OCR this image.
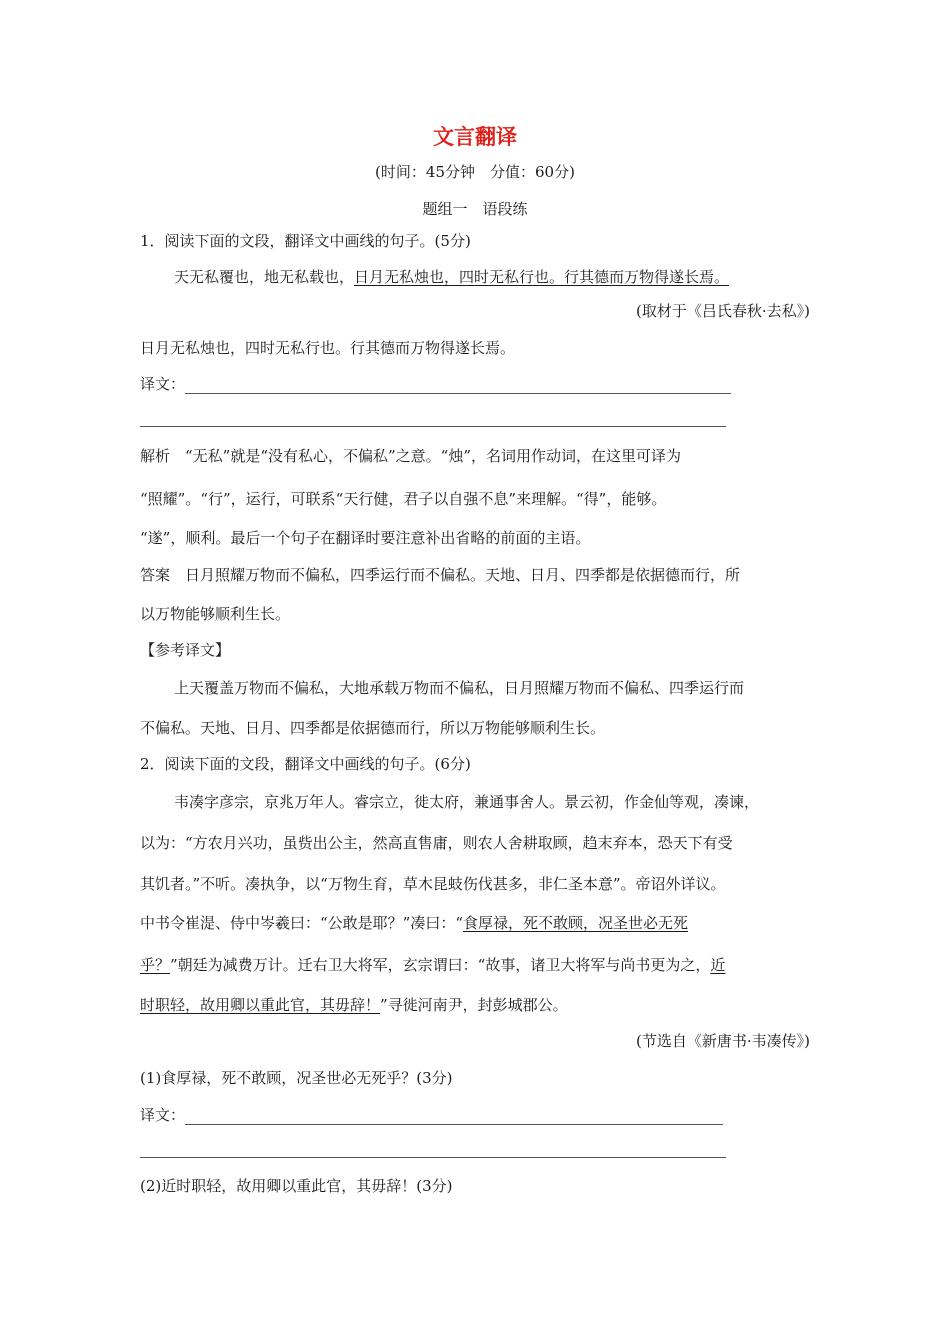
文言翻译
(时间：45分钟　分值：60分)
题组一　语段练
1．阅读下面的文段，翻译文中画线的句子。(5分)
天无私覆也，地无私载也，日月无私烛也，四时无私行也。行其德而万物得遂长焉。
(取材于《吕氏春秋·去私》)
日月无私烛也，四时无私行也。行其德而万物得遂长焉。
译文：
解析　“无私”就是“没有私心，不偏私”之意。“烛”，名词用作动词，在这里可译为
“照耀”。“行”，运行，可联系“天行健，君子以自强不息”来理解。“得”，能够。
“遂”，顺利。最后一个句子在翻译时要注意补出省略的前面的主语。
答案　日月照耀万物而不偏私，四季运行而不偏私。天地、日月、四季都是依据德而行，所
以万物能够顺利生长。
【参考译文】
上天覆盖万物而不偏私，大地承载万物而不偏私，日月照耀万物而不偏私、四季运行而
不偏私。天地、日月、四季都是依据德而行，所以万物能够顺利生长。
2．阅读下面的文段，翻译文中画线的句子。(6分)
韦凑字彦宗，京兆万年人。睿宗立，徙太府，兼通事舍人。景云初，作金仙等观，凑谏，
以为：“方农月兴功，虽赀出公主，然高直售庸，则农人舍耕取顾，趋末弃本，恐天下有受
其饥者。”不听。凑执争，以“万物生育，草木昆蚑伤伐甚多，非仁圣本意”。帝诏外详议。
中书令崔湜、侍中岑羲曰：“公敢是耶？”凑曰：“食厚禄，死不敢顾，况圣世必无死
乎？”朝廷为减费万计。迁右卫大将军，玄宗谓曰：“故事，诸卫大将军与尚书更为之，近
时职轻，故用卿以重此官，其毋辞！”寻徙河南尹，封彭城郡公。
(节选自《新唐书·韦凑传》)
(1)食厚禄，死不敢顾，况圣世必无死乎？(3分)
译文：
(2)近时职轻，故用卿以重此官，其毋辞！(3分)
